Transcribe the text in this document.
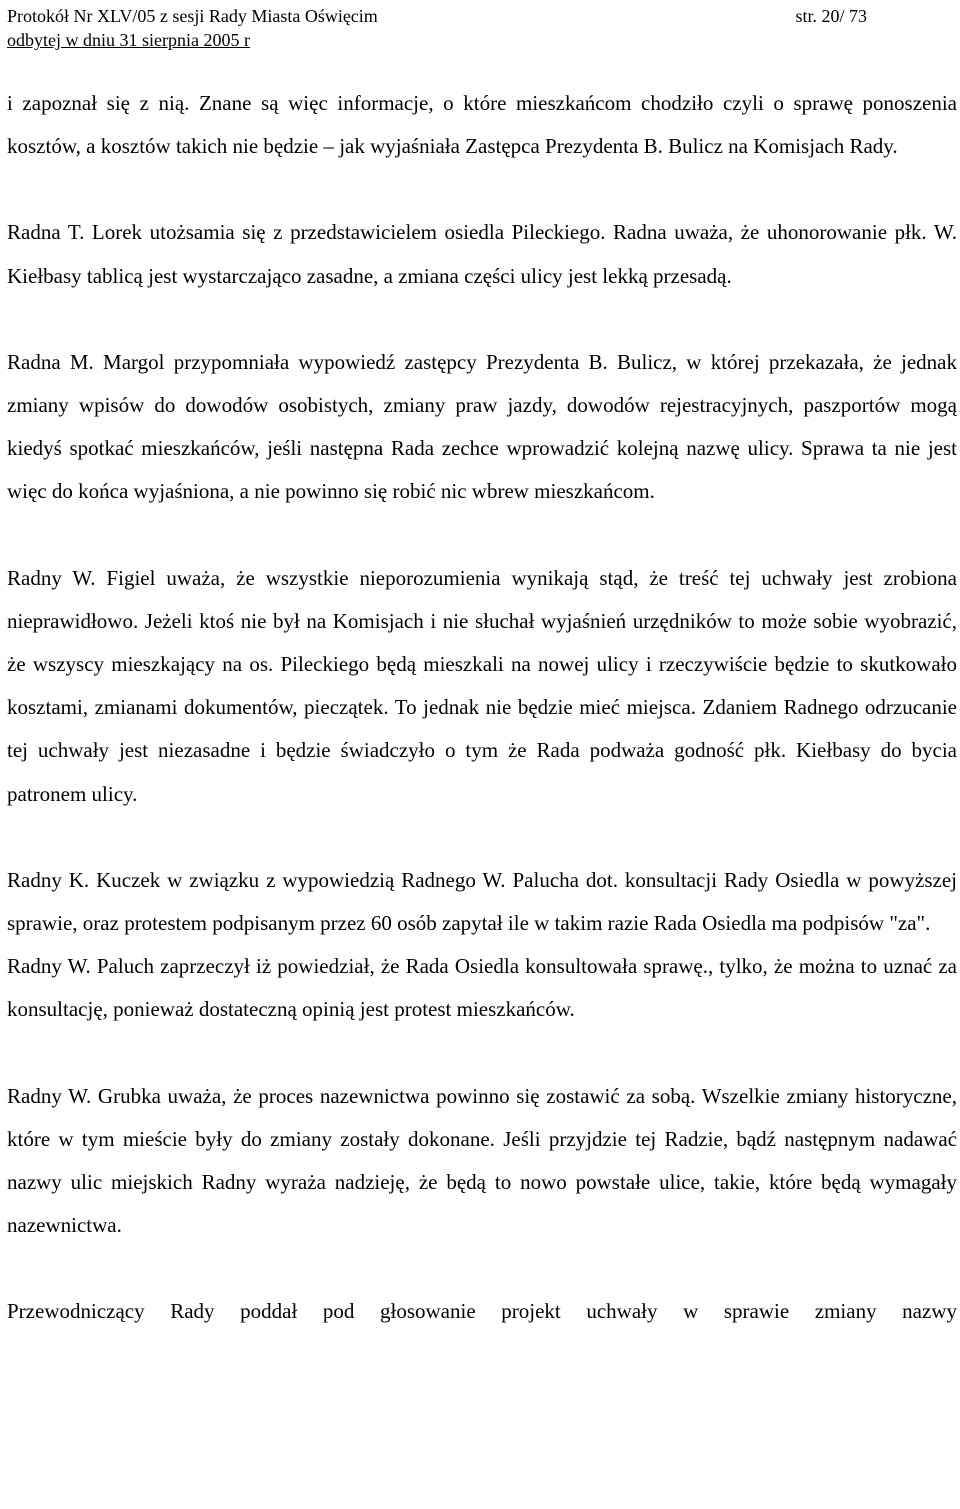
Protokół Nr XLV/05 z sesji Rady Miasta Oświęcim	str. 20/ 73
odbytej w dniu 31 sierpnia 2005 r

i zapoznał się z nią. Znane są więc informacje, o które mieszkańcom chodziło czyli o sprawę ponoszenia kosztów, a kosztów takich nie będzie – jak wyjaśniała Zastępca Prezydenta B. Bulicz na Komisjach Rady.

Radna T. Lorek utożsamia się z przedstawicielem osiedla Pileckiego. Radna uważa, że uhonorowanie płk. W. Kiełbasy tablicą jest wystarczająco zasadne, a zmiana części ulicy jest lekką przesadą.

Radna M. Margol przypomniała wypowiedź zastępcy Prezydenta B. Bulicz, w której przekazała, że jednak zmiany wpisów do dowodów osobistych, zmiany praw jazdy, dowodów rejestracyjnych, paszportów mogą kiedyś spotkać mieszkańców, jeśli następna Rada zechce wprowadzić kolejną nazwę ulicy. Sprawa ta nie jest więc do końca wyjaśniona, a nie powinno się robić nic wbrew mieszkańcom.

Radny W. Figiel uważa, że wszystkie nieporozumienia wynikają stąd, że treść tej uchwały jest zrobiona nieprawidłowo. Jeżeli ktoś nie był na Komisjach i nie słuchał wyjaśnień urzędników to może sobie wyobrazić, że wszyscy mieszkający na os. Pileckiego będą mieszkali na nowej ulicy i rzeczywiście będzie to skutkowało kosztami, zmianami dokumentów, pieczątek. To jednak nie będzie mieć miejsca. Zdaniem Radnego odrzucanie tej uchwały jest niezasadne i będzie świadczyło o tym że Rada podważa godność płk. Kiełbasy do bycia patronem ulicy.

Radny K. Kuczek w związku z wypowiedzią Radnego W. Palucha dot. konsultacji Rady Osiedla w powyższej sprawie, oraz protestem podpisanym przez 60 osób zapytał ile w takim razie Rada Osiedla ma podpisów "za".

Radny W. Paluch zaprzeczył iż powiedział, że Rada Osiedla konsultowała sprawę., tylko, że można to uznać za konsultację, ponieważ dostateczną opinią jest protest mieszkańców.

Radny W. Grubka uważa, że proces nazewnictwa powinno się zostawić za sobą. Wszelkie zmiany historyczne, które w tym mieście były do zmiany zostały dokonane. Jeśli przyjdzie tej Radzie, bądź następnym nadawać nazwy ulic miejskich Radny wyraża nadzieję, że będą to nowo powstałe ulice, takie, które będą wymagały nazewnictwa.

Przewodniczący Rady poddał pod głosowanie projekt uchwały w sprawie zmiany nazwy
